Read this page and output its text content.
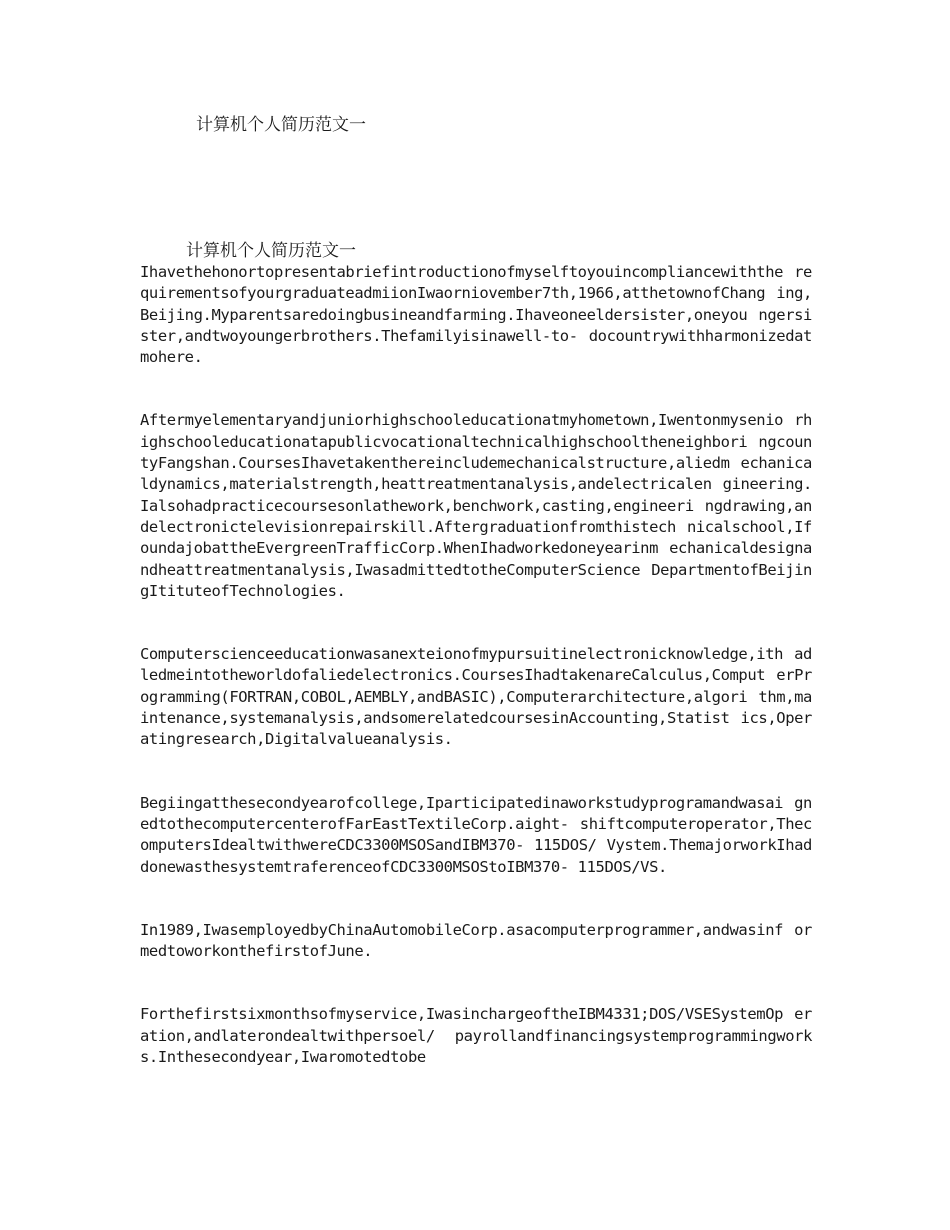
计算机个人简历范文一
计算机个人简历范文一

Ihavethehonortopresentabriefintroductionofmyselftoyouincompliancewiththe requirementsofyourgraduateadmiionIwaorniovember7th,1966,atthetownofChang ing,Beijing.Myparentsaredoingbusineandfarming.Ihaveoneeldersister,oneyou ngersister,andtwoyoungerbrothers.Thefamilyisinawell-to- docountrywithharmonizedatmohere.

Aftermyelementaryandjuniorhighschooleducationatmyhometown,Iwentonmysenio rhighschooleducationatapublicvocationaltechnicalhighschooltheneighbori ngcountyFangshan.CoursesIhavetakenthereincludemechanicalstructure,aliedm echanicaldynamics,materialstrength,heattreatmentanalysis,andelectricalen gineering.Ialsohadpracticecoursesonlathework,benchwork,casting,engineeri ngdrawing,andelectronictelevisionrepairskill.Aftergraduationfromthistech nicalschool,IfoundajobattheEvergreenTrafficCorp.WhenIhadworkedoneyearinm echanicaldesignandheattreatmentanalysis,IwasadmittedtotheComputerScience DepartmentofBeijingItituteofTechnologies.

Computerscienceeducationwasanexteionofmypursuitinelectronicknowledge,ith adledmeintotheworldofaliedelectronics.CoursesIhadtakenareCalculus,Comput erProgramming(FORTRAN,COBOL,AEMBLY,andBASIC),Computerarchitecture,algori thm,maintenance,systemanalysis,andsomerelatedcoursesinAccounting,Statist ics,Operatingresearch,Digitalvalueanalysis.

Begiingatthesecondyearofcollege,Iparticipatedinaworkstudyprogramandwasai gnedtothecomputercenterofFarEastTextileCorp.aight- shiftcomputeroperator,ThecomputersIdealtwithwereCDC3300MSOSandIBM370- 115DOS/ Vystem.ThemajorworkIhaddonewasthesystemtraferenceofCDC3300MSOStoIBM370- 115DOS/VS.

In1989,IwasemployedbyChinaAutomobileCorp.asacomputerprogrammer,andwasinf ormedtoworkonthefirstofJune.

Forthefirstsixmonthsofmyservice,IwasinchargeoftheIBM4331;DOS/VSESystemOp eration,andlaterondealtwithpersoel/ payrollandfinancingsystemprogrammingworks.Inthesecondyear,Iwaromotedtobe
